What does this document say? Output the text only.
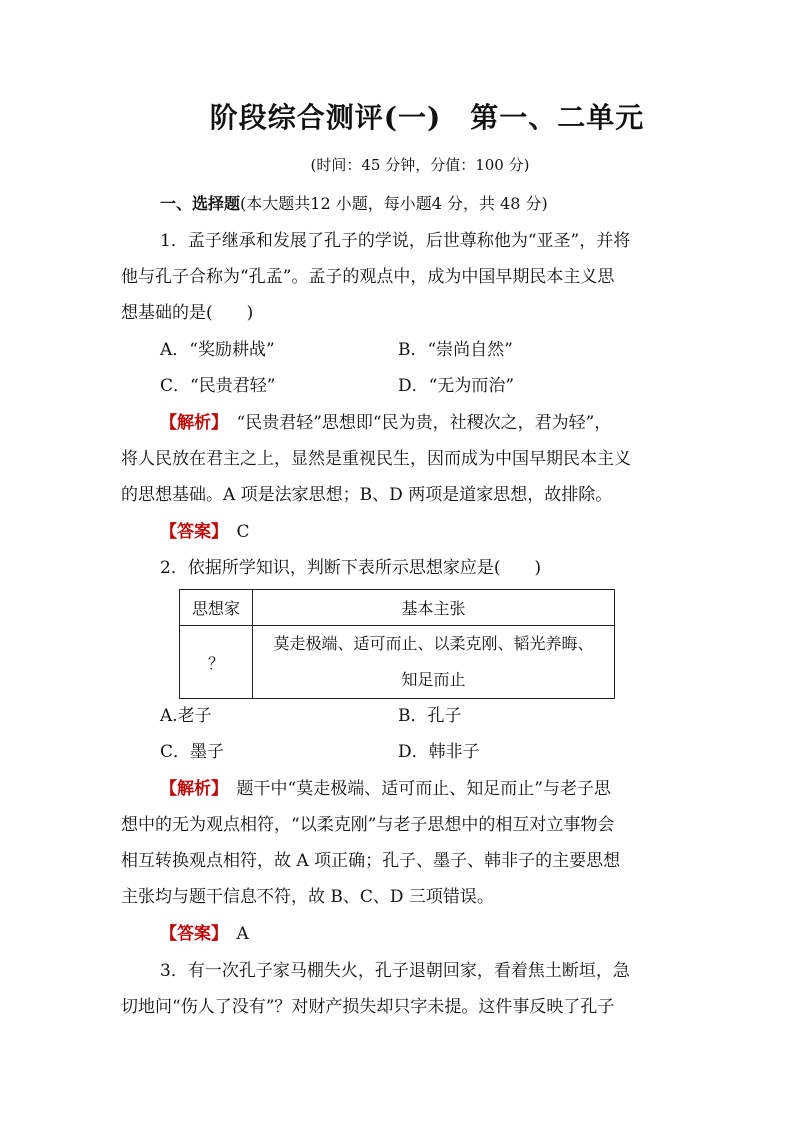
阶段综合测评(一)　第一、二单元
(时间：45 分钟，分值：100 分)
一、选择题(本大题共12 小题，每小题4 分，共 48 分)
1．孟子继承和发展了孔子的学说，后世尊称他为“亚圣”，并将
他与孔子合称为“孔孟”。孟子的观点中，成为中国早期民本主义思
想基础的是(　　)
A．“奖励耕战”	B．“崇尚自然”
C．“民贵君轻”	D．“无为而治”
【解析】　“民贵君轻”思想即“民为贵，社稷次之，君为轻”，
将人民放在君主之上，显然是重视民生，因而成为中国早期民本主义
的思想基础。A 项是法家思想；B、D 两项是道家思想，故排除。
【答案】　 C
2．依据所学知识，判断下表所示思想家应是(　　)
思想家	基本主张
？	莫走极端、适可而止、以柔克刚、韬光养晦、
知足而止
A.老子	B．孔子
C．墨子	D．韩非子
【解析】　题干中“莫走极端、适可而止、知足而止”与老子思
想中的无为观点相符，“以柔克刚”与老子思想中的相互对立事物会
相互转换观点相符，故 A 项正确；孔子、墨子、韩非子的主要思想
主张均与题干信息不符，故 B、C、D 三项错误。
【答案】　 A
3．有一次孔子家马棚失火，孔子退朝回家，看着焦土断垣，急
切地问“伤人了没有”？对财产损失却只字未提。这件事反映了孔子
